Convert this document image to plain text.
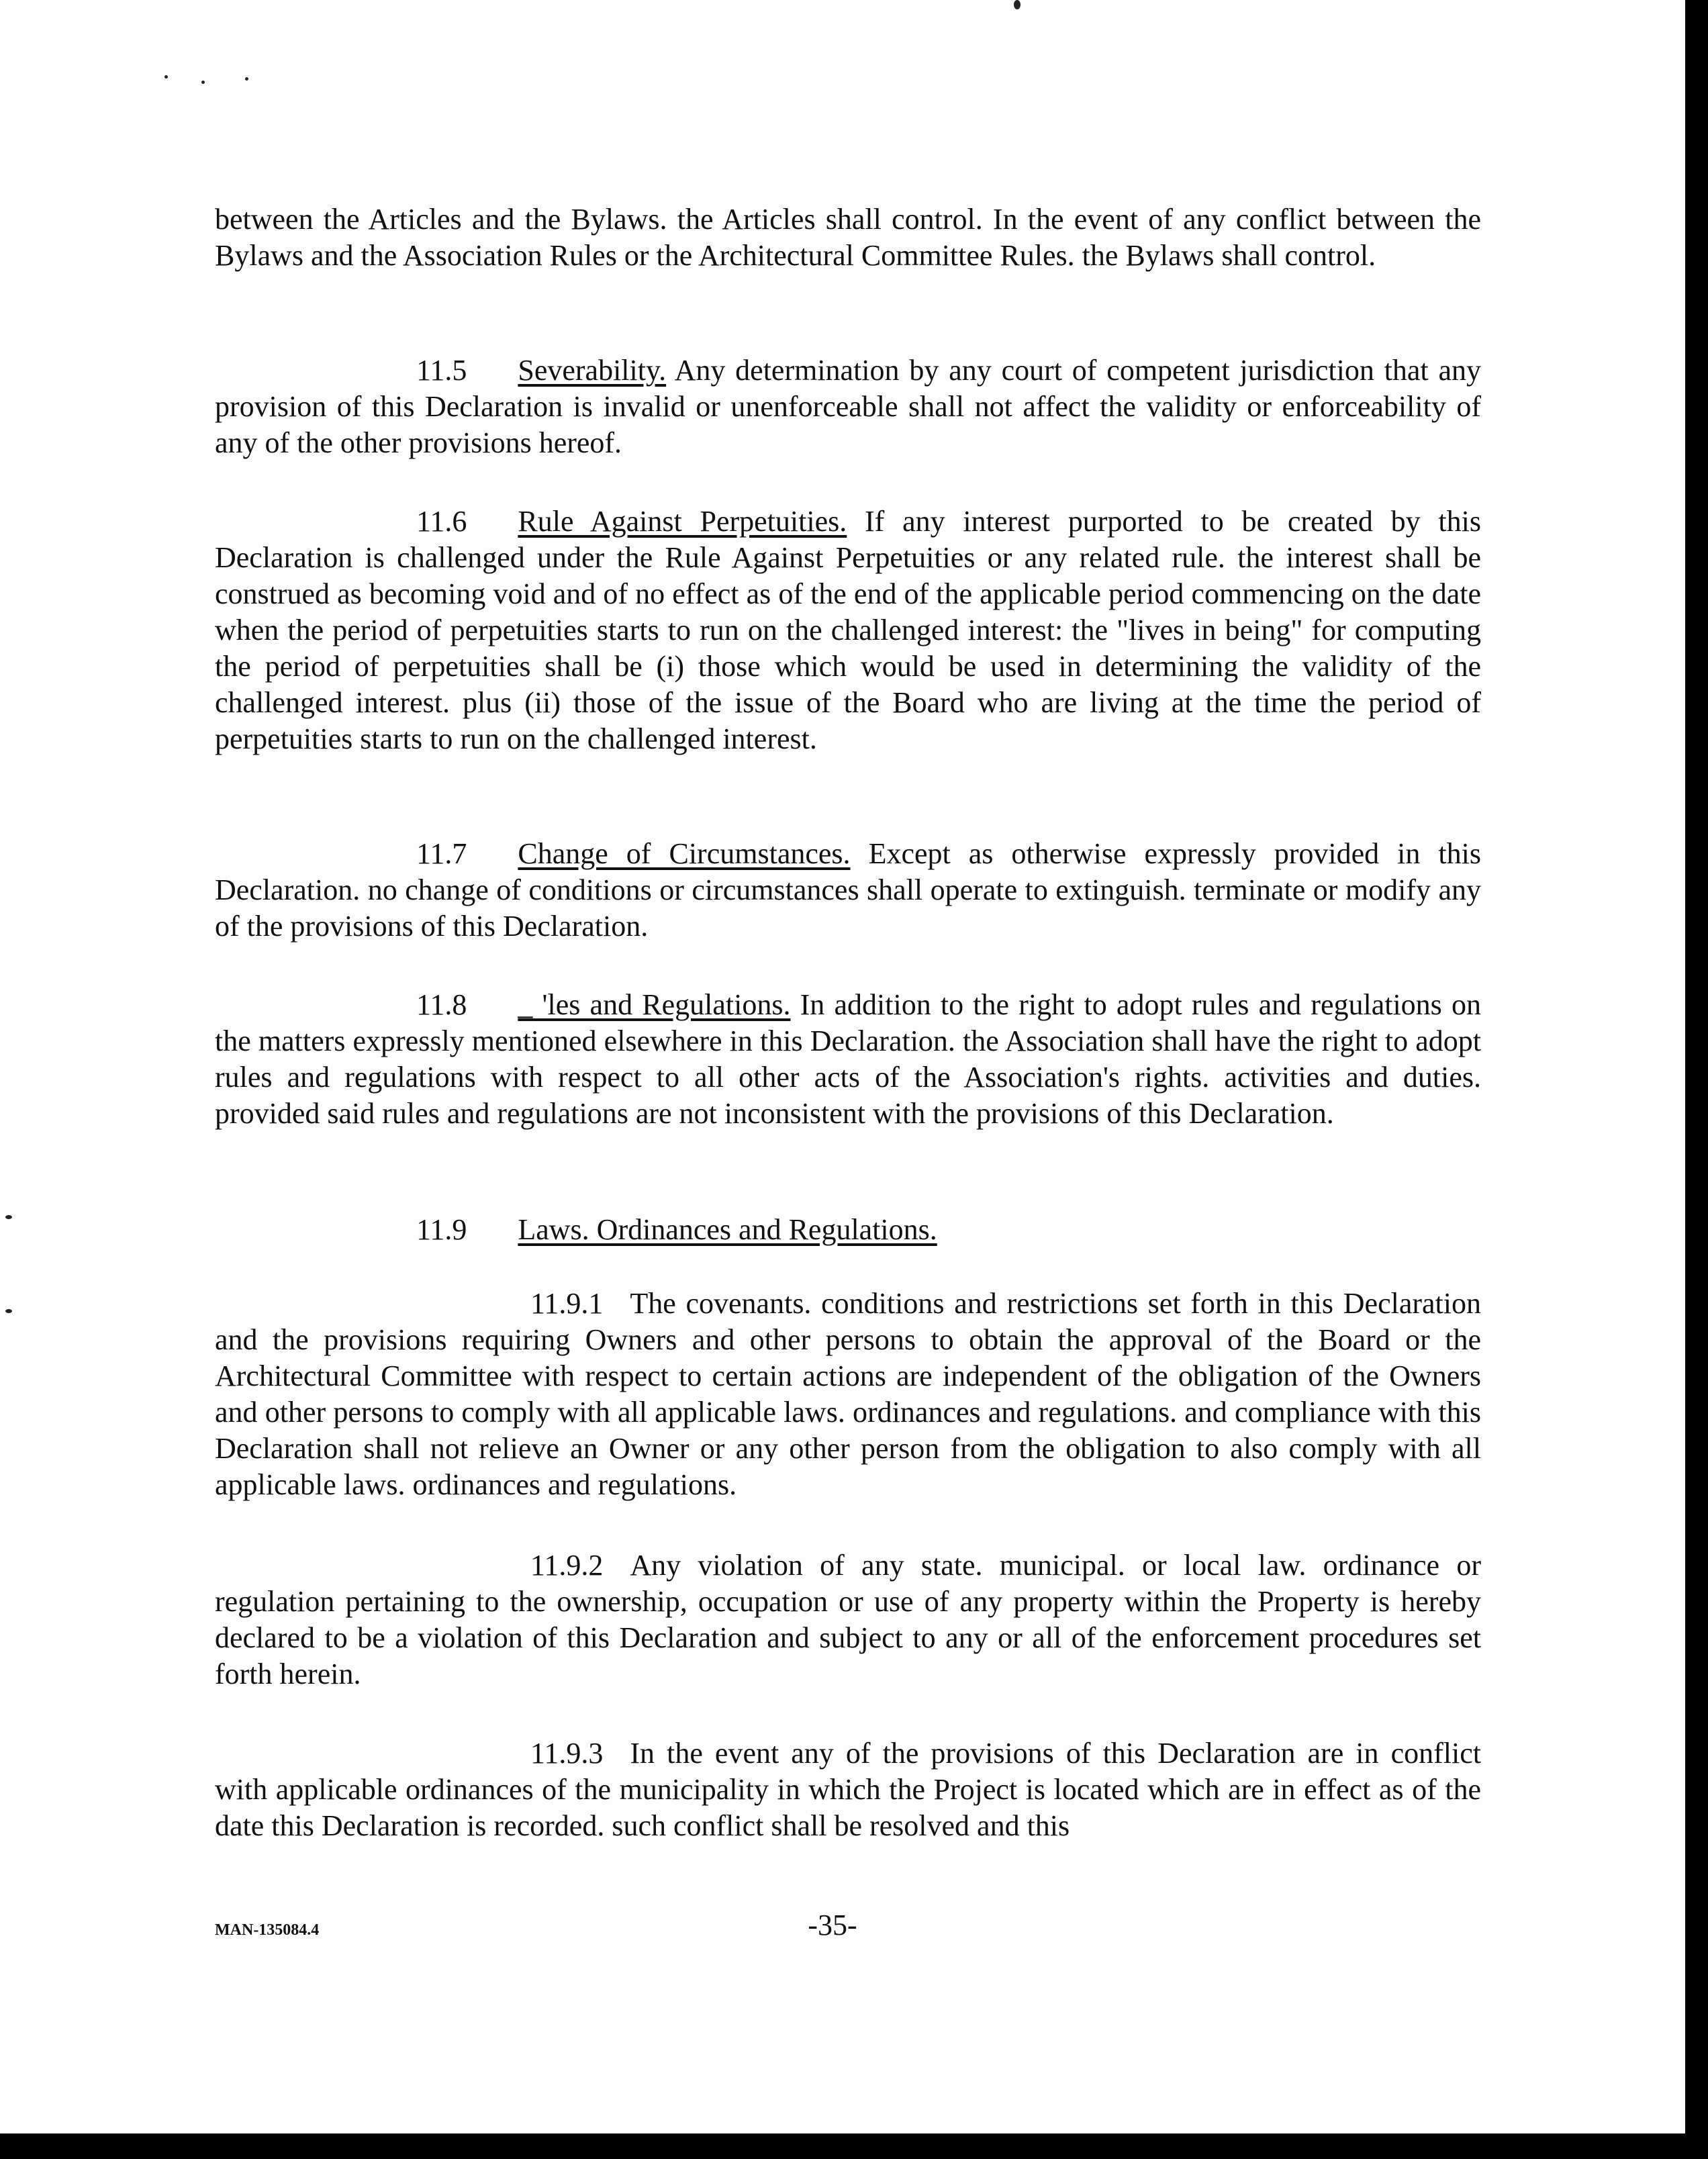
between the Articles and the Bylaws. the Articles shall control. In the event of any conflict between the Bylaws and the Association Rules or the Architectural Committee Rules. the Bylaws shall control.

11.5 Severability. Any determination by any court of competent jurisdiction that any provision of this Declaration is invalid or unenforceable shall not affect the validity or enforceability of any of the other provisions hereof.

11.6 Rule Against Perpetuities. If any interest purported to be created by this Declaration is challenged under the Rule Against Perpetuities or any related rule. the interest shall be construed as becoming void and of no effect as of the end of the applicable period commencing on the date when the period of perpetuities starts to run on the challenged interest: the "lives in being" for computing the period of perpetuities shall be (i) those which would be used in determining the validity of the challenged interest. plus (ii) those of the issue of the Board who are living at the time the period of perpetuities starts to run on the challenged interest.

11.7 Change of Circumstances. Except as otherwise expressly provided in this Declaration. no change of conditions or circumstances shall operate to extinguish. terminate or modify any of the provisions of this Declaration.

11.8 _ 'les and Regulations. In addition to the right to adopt rules and regulations on the matters expressly mentioned elsewhere in this Declaration. the Association shall have the right to adopt rules and regulations with respect to all other acts of the Association's rights. activities and duties. provided said rules and regulations are not inconsistent with the provisions of this Declaration.

11.9 Laws. Ordinances and Regulations.

11.9.1 The covenants. conditions and restrictions set forth in this Declaration and the provisions requiring Owners and other persons to obtain the approval of the Board or the Architectural Committee with respect to certain actions are independent of the obligation of the Owners and other persons to comply with all applicable laws. ordinances and regulations. and compliance with this Declaration shall not relieve an Owner or any other person from the obligation to also comply with all applicable laws. ordinances and regulations.

11.9.2 Any violation of any state. municipal. or local law. ordinance or regulation pertaining to the ownership, occupation or use of any property within the Property is hereby declared to be a violation of this Declaration and subject to any or all of the enforcement procedures set forth herein.

11.9.3 In the event any of the provisions of this Declaration are in conflict with applicable ordinances of the municipality in which the Project is located which are in effect as of the date this Declaration is recorded. such conflict shall be resolved and this

MAN-135084.4	-35-
